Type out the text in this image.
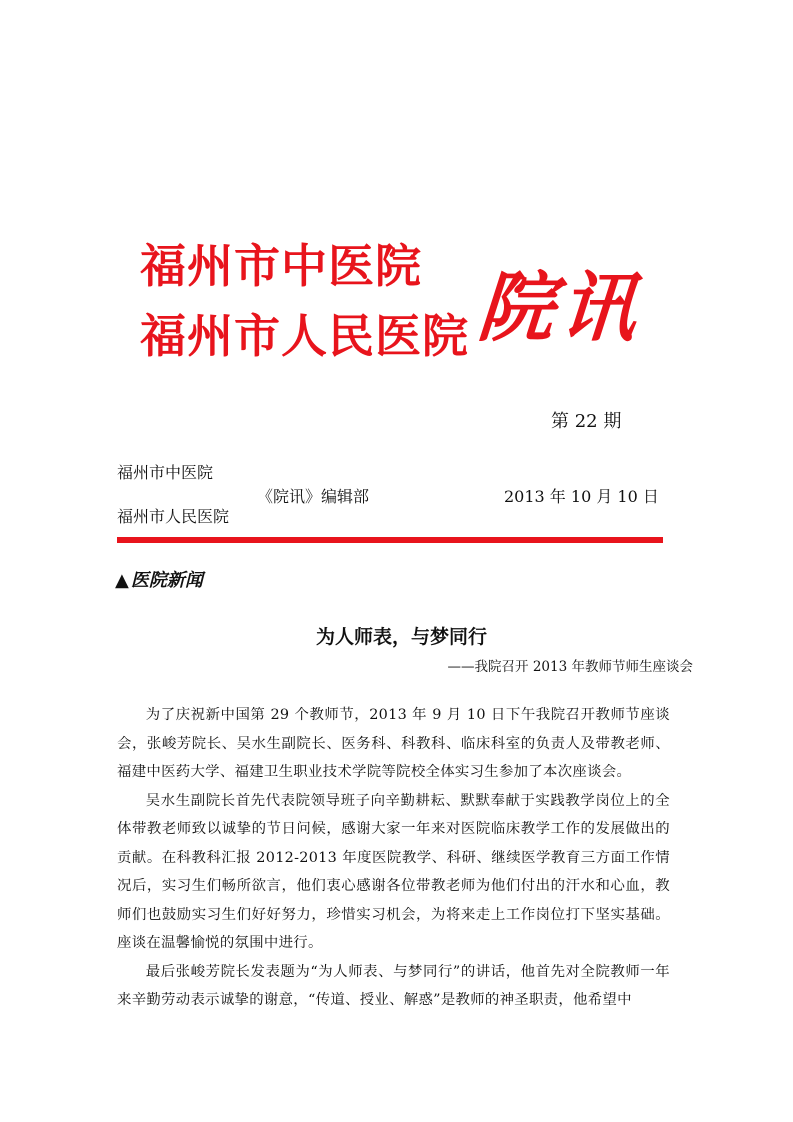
福州市中医院
福州市人民医院 院讯
第 22 期
福州市中医院
福州市人民医院
《院讯》编辑部	2013 年 10 月 10 日
▲ 医院新闻
为人师表，与梦同行
——我院召开 2013 年教师节师生座谈会

为了庆祝新中国第 29 个教师节，2013 年 9 月 10 日下午我院召开教师节座谈会，张峻芳院长、吴水生副院长、医务科、科教科、临床科室的负责人及带教老师、福建中医药大学、福建卫生职业技术学院等院校全体实习生参加了本次座谈会。

吴水生副院长首先代表院领导班子向辛勤耕耘、默默奉献于实践教学岗位上的全体带教老师致以诚挚的节日问候，感谢大家一年来对医院临床教学工作的发展做出的贡献。在科教科汇报 2012-2013 年度医院教学、科研、继续医学教育三方面工作情况后，实习生们畅所欲言，他们衷心感谢各位带教老师为他们付出的汗水和心血，教师们也鼓励实习生们好好努力，珍惜实习机会，为将来走上工作岗位打下坚实基础。座谈在温馨愉悦的氛围中进行。

最后张峻芳院长发表题为“为人师表、与梦同行”的讲话，他首先对全院教师一年来辛勤劳动表示诚挚的谢意，“传道、授业、解惑”是教师的神圣职责，他希望中
